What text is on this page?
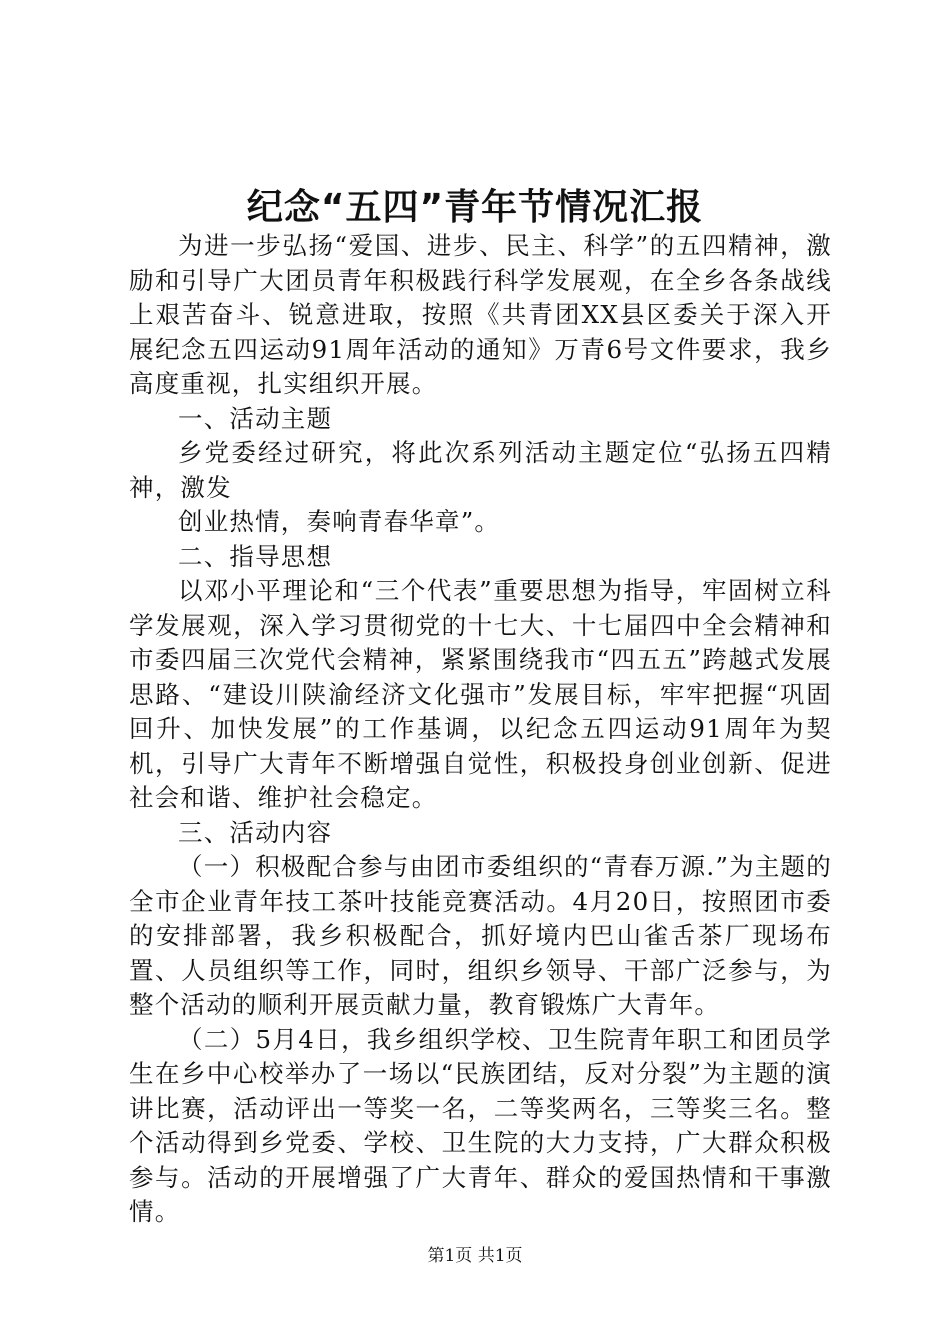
纪念“五四”青年节情况汇报

为进一步弘扬“爱国、进步、民主、科学”的五四精神，激励和引导广大团员青年积极践行科学发展观，在全乡各条战线上艰苦奋斗、锐意进取，按照《共青团XX县区委关于深入开展纪念五四运动91周年活动的通知》万青6号文件要求，我乡高度重视，扎实组织开展。

一、活动主题

乡党委经过研究，将此次系列活动主题定位“弘扬五四精神，激发

创业热情，奏响青春华章”。

二、指导思想

以邓小平理论和“三个代表”重要思想为指导，牢固树立科学发展观，深入学习贯彻党的十七大、十七届四中全会精神和市委四届三次党代会精神，紧紧围绕我市“四五五”跨越式发展思路、“建设川陕渝经济文化强市”发展目标，牢牢把握“巩固回升、加快发展”的工作基调，以纪念五四运动91周年为契机，引导广大青年不断增强自觉性，积极投身创业创新、促进社会和谐、维护社会稳定。

三、活动内容

（一）积极配合参与由团市委组织的“青春万源.”为主题的全市企业青年技工茶叶技能竞赛活动。4月20日，按照团市委的安排部署，我乡积极配合，抓好境内巴山雀舌茶厂现场布置、人员组织等工作，同时，组织乡领导、干部广泛参与，为整个活动的顺利开展贡献力量，教育锻炼广大青年。

（二）5月4日，我乡组织学校、卫生院青年职工和团员学生在乡中心校举办了一场以“民族团结，反对分裂”为主题的演讲比赛，活动评出一等奖一名，二等奖两名，三等奖三名。整个活动得到乡党委、学校、卫生院的大力支持，广大群众积极参与。活动的开展增强了广大青年、群众的爱国热情和干事激情。

第1页 共1页
